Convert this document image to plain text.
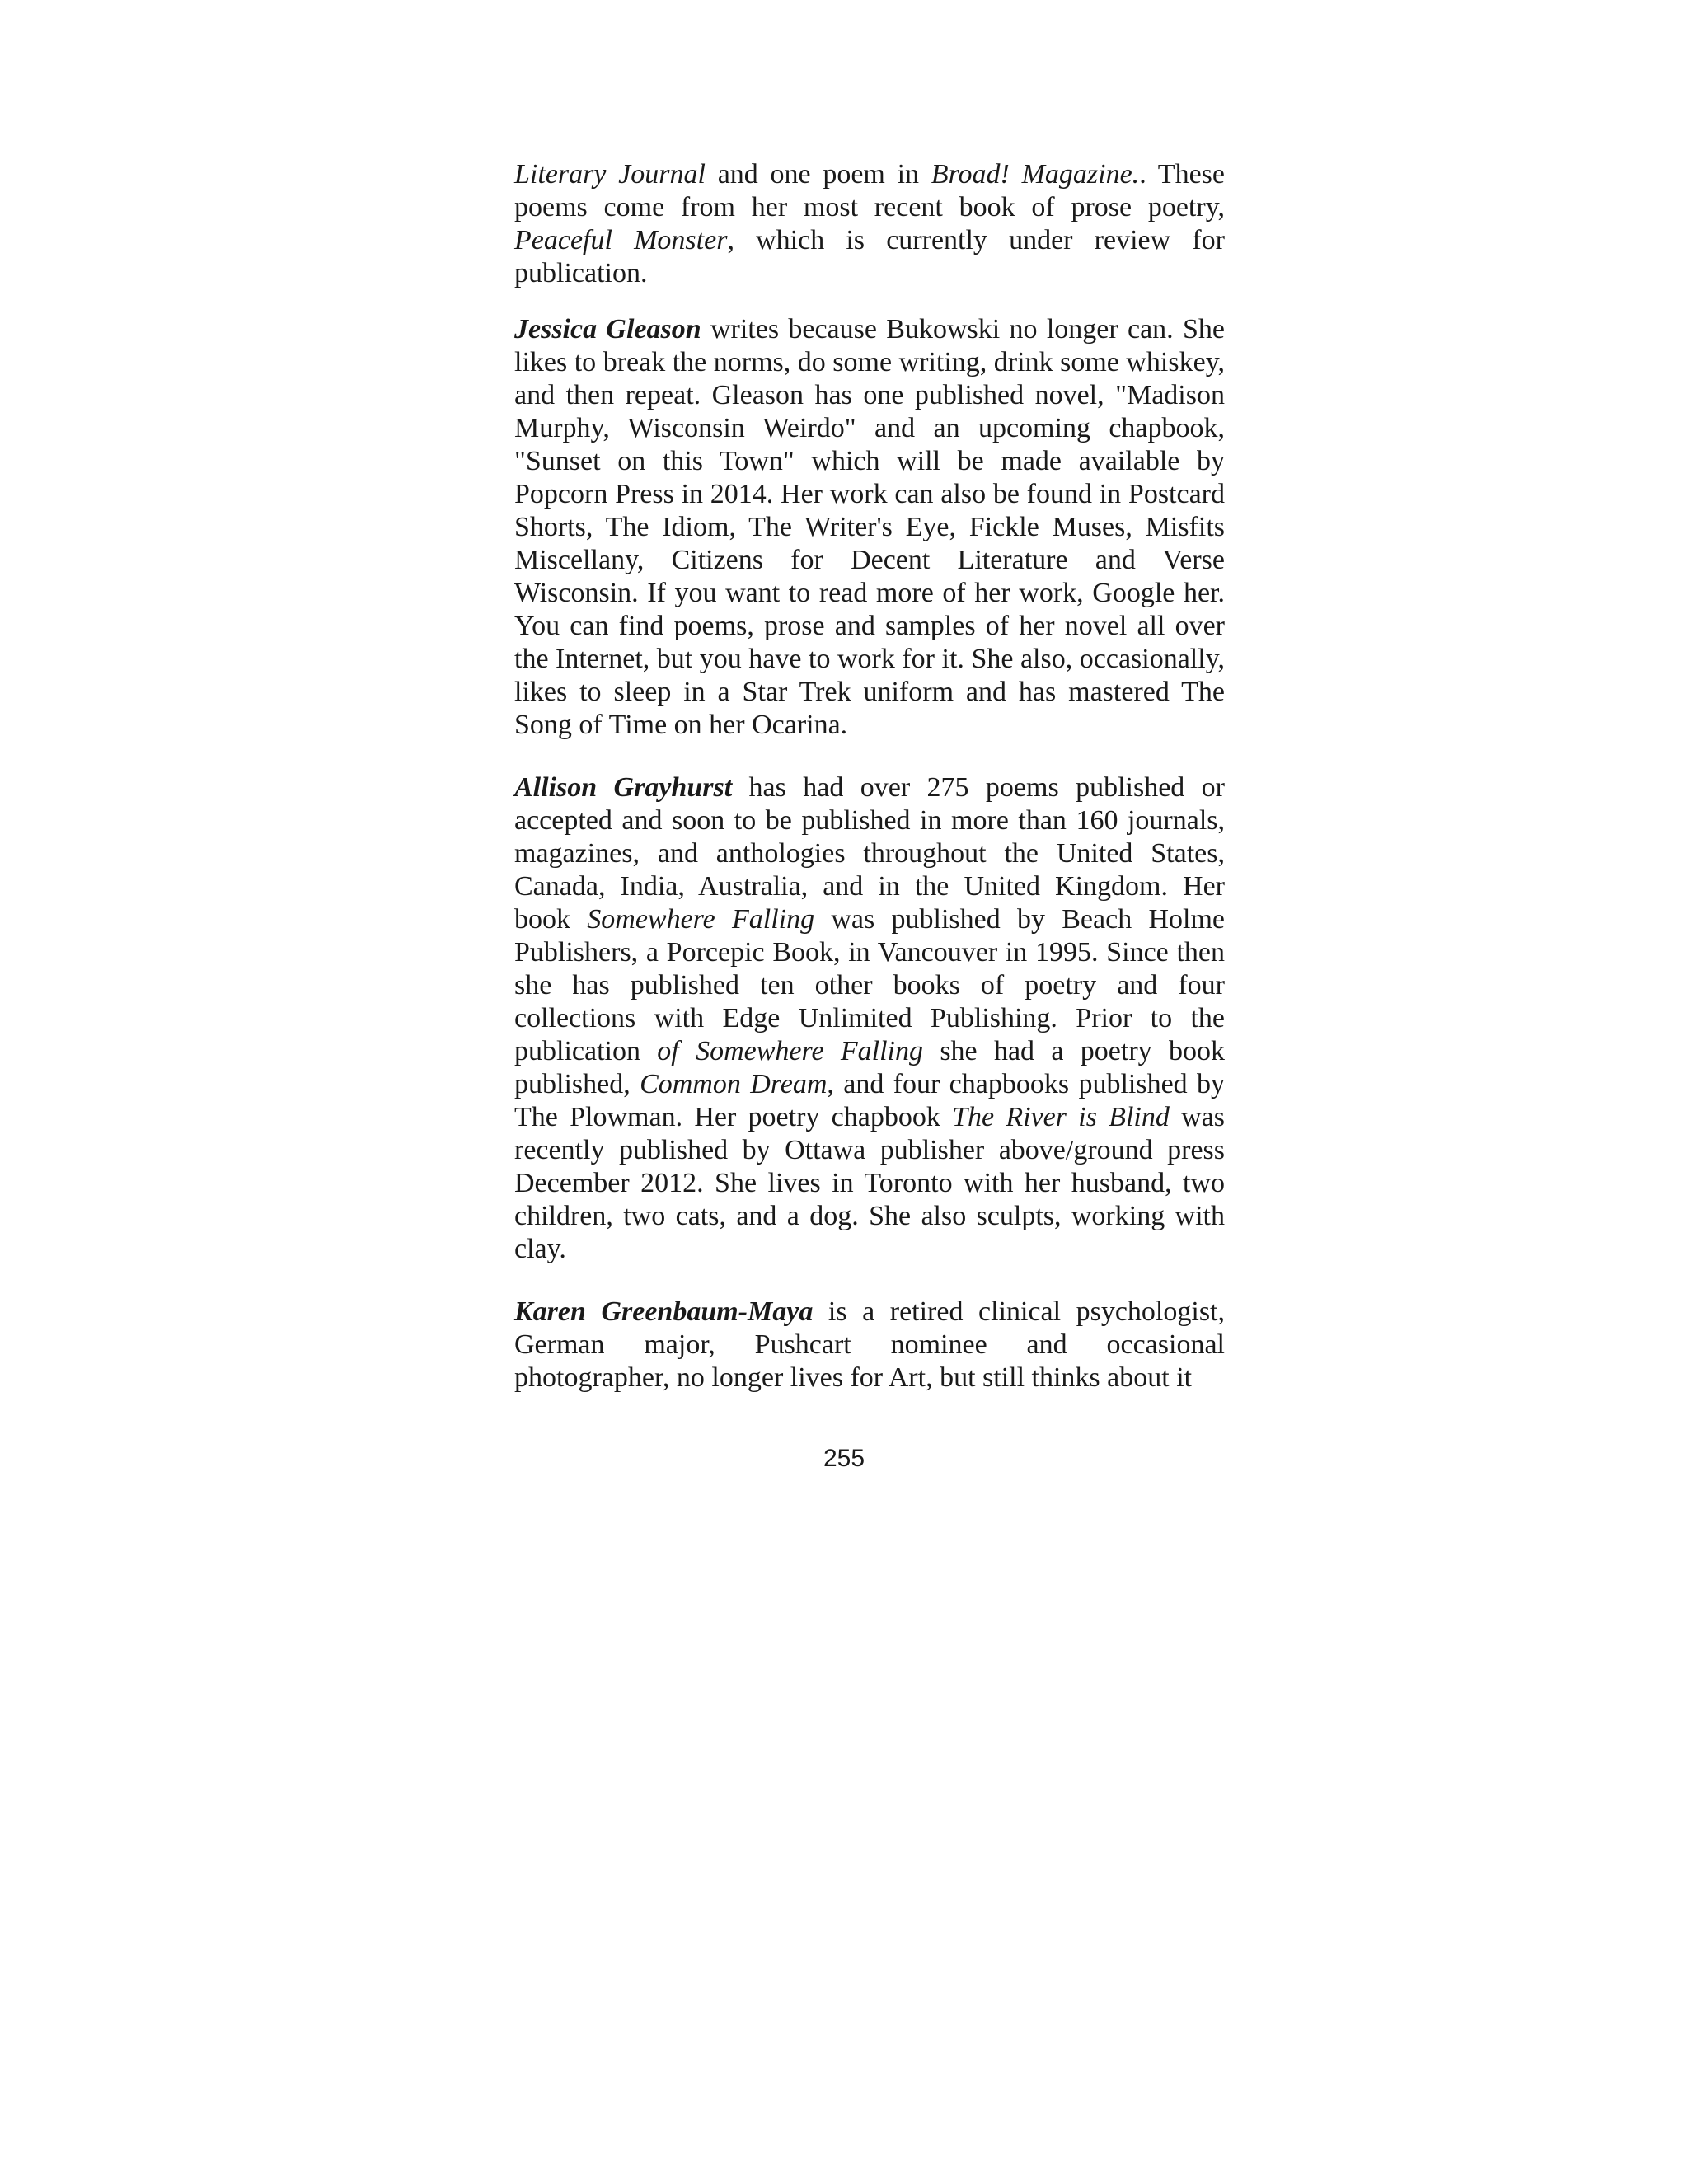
Literary Journal and one poem in Broad! Magazine.. These poems come from her most recent book of prose poetry, Peaceful Monster, which is currently under review for publication.

Jessica Gleason writes because Bukowski no longer can. She likes to break the norms, do some writing, drink some whiskey, and then repeat. Gleason has one published novel, "Madison Murphy, Wisconsin Weirdo" and an upcoming chapbook, "Sunset on this Town" which will be made available by Popcorn Press in 2014. Her work can also be found in Postcard Shorts, The Idiom, The Writer's Eye, Fickle Muses, Misfits Miscellany, Citizens for Decent Literature and Verse Wisconsin. If you want to read more of her work, Google her. You can find poems, prose and samples of her novel all over the Internet, but you have to work for it. She also, occasionally, likes to sleep in a Star Trek uniform and has mastered The Song of Time on her Ocarina.

Allison Grayhurst has had over 275 poems published or accepted and soon to be published in more than 160 journals, magazines, and anthologies throughout the United States, Canada, India, Australia, and in the United Kingdom. Her book Somewhere Falling was published by Beach Holme Publishers, a Porcepic Book, in Vancouver in 1995. Since then she has published ten other books of poetry and four collections with Edge Unlimited Publishing. Prior to the publication of Somewhere Falling she had a poetry book published, Common Dream, and four chapbooks published by The Plowman. Her poetry chapbook The River is Blind was recently published by Ottawa publisher above/ground press December 2012. She lives in Toronto with her husband, two children, two cats, and a dog. She also sculpts, working with clay.

Karen Greenbaum-Maya is a retired clinical psychologist, German major, Pushcart nominee and occasional photographer, no longer lives for Art, but still thinks about it

255
